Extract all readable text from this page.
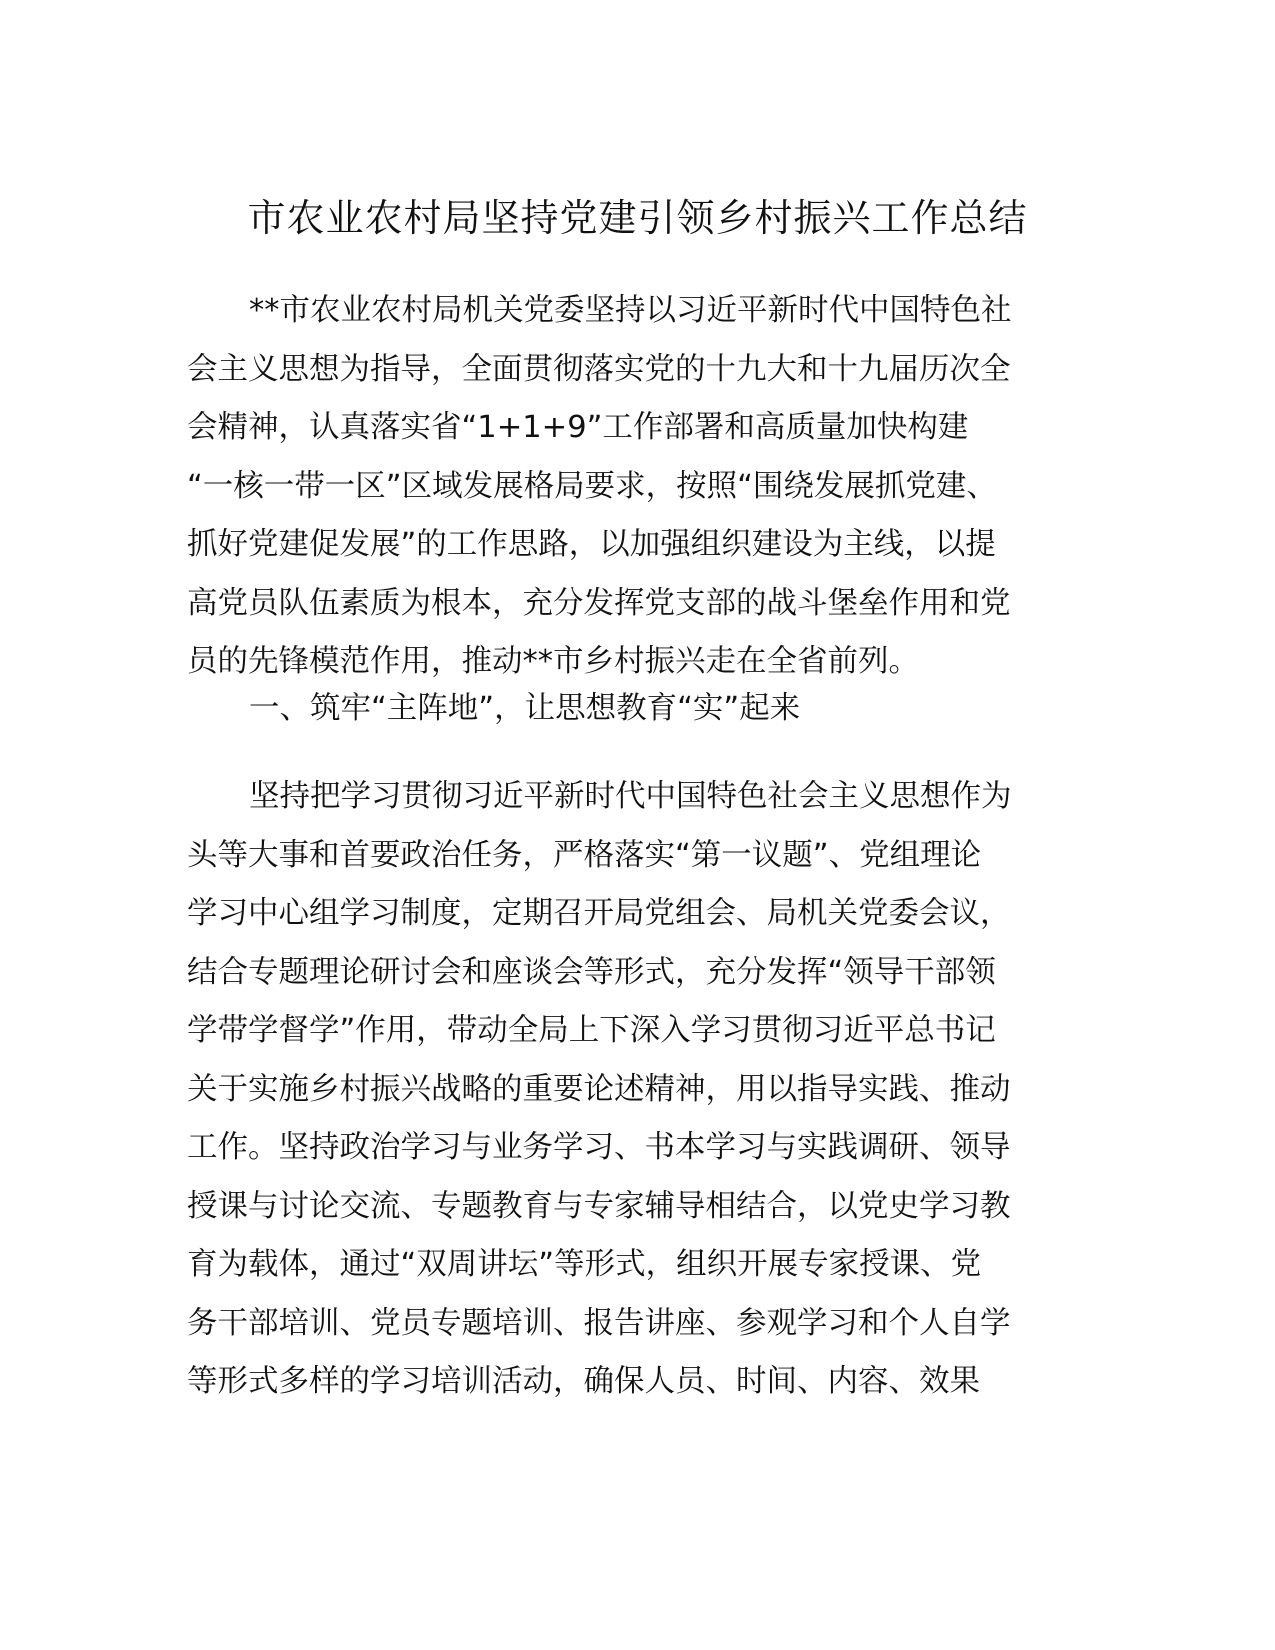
市农业农村局坚持党建引领乡村振兴工作总结
**市农业农村局机关党委坚持以习近平新时代中国特色社
会主义思想为指导，全面贯彻落实党的十九大和十九届历次全
会精神，认真落实省“1+1+9”工作部署和高质量加快构建
“一核一带一区”区域发展格局要求，按照“围绕发展抓党建、
抓好党建促发展”的工作思路，以加强组织建设为主线，以提
高党员队伍素质为根本，充分发挥党支部的战斗堡垒作用和党
员的先锋模范作用，推动**市乡村振兴走在全省前列。
一、筑牢“主阵地”，让思想教育“实”起来
坚持把学习贯彻习近平新时代中国特色社会主义思想作为
头等大事和首要政治任务，严格落实“第一议题”、党组理论
学习中心组学习制度，定期召开局党组会、局机关党委会议，
结合专题理论研讨会和座谈会等形式，充分发挥“领导干部领
学带学督学”作用，带动全局上下深入学习贯彻习近平总书记
关于实施乡村振兴战略的重要论述精神，用以指导实践、推动
工作。坚持政治学习与业务学习、书本学习与实践调研、领导
授课与讨论交流、专题教育与专家辅导相结合，以党史学习教
育为载体，通过“双周讲坛”等形式，组织开展专家授课、党
务干部培训、党员专题培训、报告讲座、参观学习和个人自学
等形式多样的学习培训活动，确保人员、时间、内容、效果
